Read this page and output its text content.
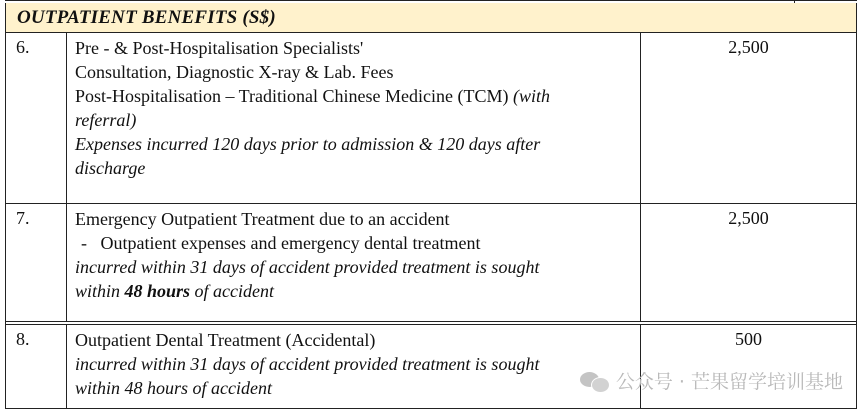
OUTPATIENT BENEFITS (S$)
6.	Pre - & Post-Hospitalisation Specialists'
Consultation, Diagnostic X-ray & Lab. Fees
Post-Hospitalisation – Traditional Chinese Medicine (TCM) (with
referral)
Expenses incurred 120 days prior to admission & 120 days after
discharge
2,500
7.	Emergency Outpatient Treatment due to an accident
- Outpatient expenses and emergency dental treatment
incurred within 31 days of accident provided treatment is sought
within 48 hours of accident
2,500
8.	Outpatient Dental Treatment (Accidental)
incurred within 31 days of accident provided treatment is sought
within 48 hours of accident
500
公众号 · 芒果留学培训基地
